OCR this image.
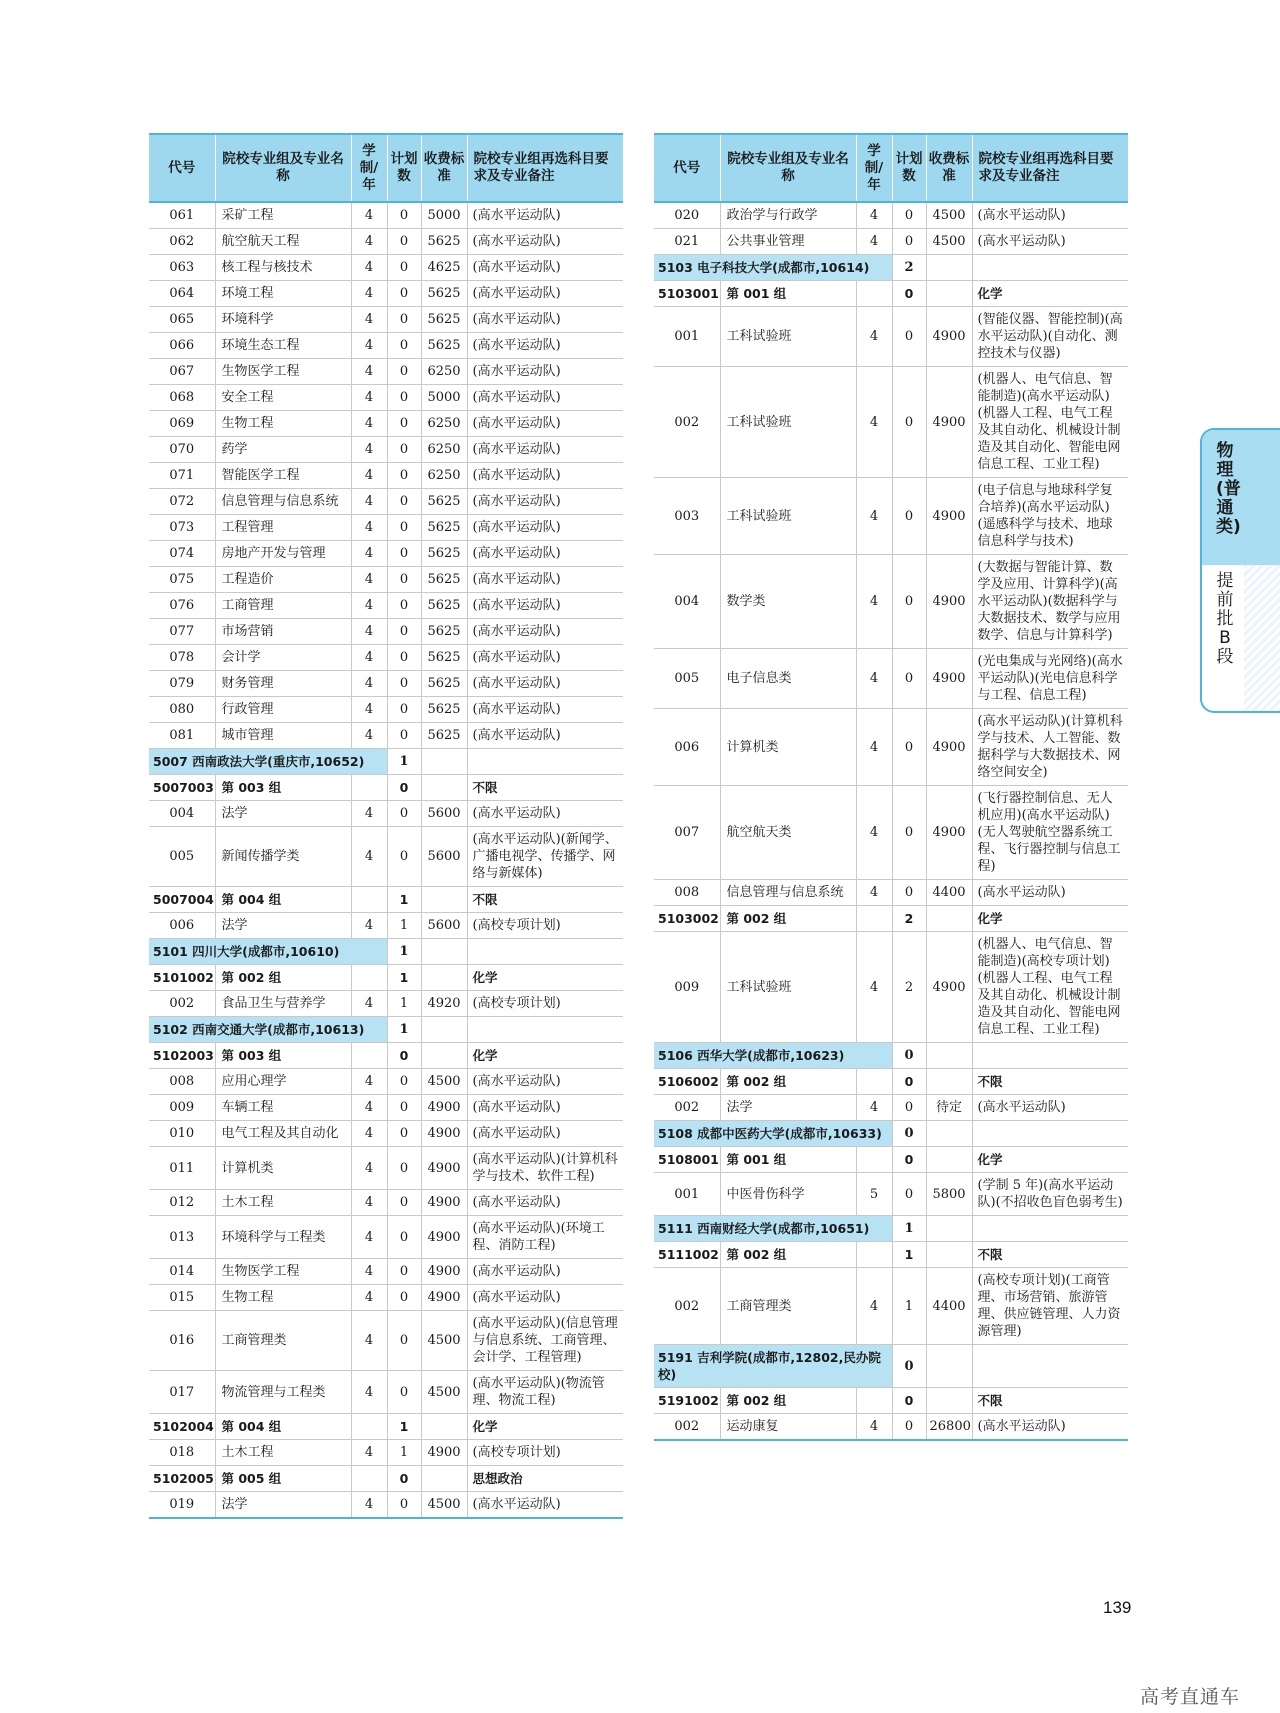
代号	院校专业组及专业名称	学制/年	计划数	收费标准	院校专业组再选科目要求及专业备注
061	采矿工程	4	0	5000	(高水平运动队)
062	航空航天工程	4	0	5625	(高水平运动队)
063	核工程与核技术	4	0	4625	(高水平运动队)
064	环境工程	4	0	5625	(高水平运动队)
065	环境科学	4	0	5625	(高水平运动队)
066	环境生态工程	4	0	5625	(高水平运动队)
067	生物医学工程	4	0	6250	(高水平运动队)
068	安全工程	4	0	5000	(高水平运动队)
069	生物工程	4	0	6250	(高水平运动队)
070	药学	4	0	6250	(高水平运动队)
071	智能医学工程	4	0	6250	(高水平运动队)
072	信息管理与信息系统	4	0	5625	(高水平运动队)
073	工程管理	4	0	5625	(高水平运动队)
074	房地产开发与管理	4	0	5625	(高水平运动队)
075	工程造价	4	0	5625	(高水平运动队)
076	工商管理	4	0	5625	(高水平运动队)
077	市场营销	4	0	5625	(高水平运动队)
078	会计学	4	0	5625	(高水平运动队)
079	财务管理	4	0	5625	(高水平运动队)
080	行政管理	4	0	5625	(高水平运动队)
081	城市管理	4	0	5625	(高水平运动队)
5007 西南政法大学(重庆市,10652)			1		
5007003	第 003 组		0		不限
004	法学	4	0	5600	(高水平运动队)
005	新闻传播学类	4	0	5600	(高水平运动队)(新闻学、广播电视学、传播学、网络与新媒体)
5007004	第 004 组		1		不限
006	法学	4	1	5600	(高校专项计划)
5101 四川大学(成都市,10610)			1		
5101002	第 002 组		1		化学
002	食品卫生与营养学	4	1	4920	(高校专项计划)
5102 西南交通大学(成都市,10613)			1		
5102003	第 003 组		0		化学
008	应用心理学	4	0	4500	(高水平运动队)
009	车辆工程	4	0	4900	(高水平运动队)
010	电气工程及其自动化	4	0	4900	(高水平运动队)
011	计算机类	4	0	4900	(高水平运动队)(计算机科学与技术、软件工程)
012	土木工程	4	0	4900	(高水平运动队)
013	环境科学与工程类	4	0	4900	(高水平运动队)(环境工程、消防工程)
014	生物医学工程	4	0	4900	(高水平运动队)
015	生物工程	4	0	4900	(高水平运动队)
016	工商管理类	4	0	4500	(高水平运动队)(信息管理与信息系统、工商管理、会计学、工程管理)
017	物流管理与工程类	4	0	4500	(高水平运动队)(物流管理、物流工程)
5102004	第 004 组		1		化学
018	土木工程	4	1	4900	(高校专项计划)
5102005	第 005 组		0		思想政治
019	法学	4	0	4500	(高水平运动队)
代号	院校专业组及专业名称	学制/年	计划数	收费标准	院校专业组再选科目要求及专业备注
020	政治学与行政学	4	0	4500	(高水平运动队)
021	公共事业管理	4	0	4500	(高水平运动队)
5103 电子科技大学(成都市,10614)			2		
5103001	第 001 组		0		化学
001	工科试验班	4	0	4900	(智能仪器、智能控制)(高水平运动队)(自动化、测控技术与仪器)
002	工科试验班	4	0	4900	(机器人、电气信息、智能制造)(高水平运动队)(机器人工程、电气工程及其自动化、机械设计制造及其自动化、智能电网信息工程、工业工程)
003	工科试验班	4	0	4900	(电子信息与地球科学复合培养)(高水平运动队)(遥感科学与技术、地球信息科学与技术)
004	数学类	4	0	4900	(大数据与智能计算、数学及应用、计算科学)(高水平运动队)(数据科学与大数据技术、数学与应用数学、信息与计算科学)
005	电子信息类	4	0	4900	(光电集成与光网络)(高水平运动队)(光电信息科学与工程、信息工程)
006	计算机类	4	0	4900	(高水平运动队)(计算机科学与技术、人工智能、数据科学与大数据技术、网络空间安全)
007	航空航天类	4	0	4900	(飞行器控制信息、无人机应用)(高水平运动队)(无人驾驶航空器系统工程、飞行器控制与信息工程)
008	信息管理与信息系统	4	0	4400	(高水平运动队)
5103002	第 002 组		2		化学
009	工科试验班	4	2	4900	(机器人、电气信息、智能制造)(高校专项计划)(机器人工程、电气工程及其自动化、机械设计制造及其自动化、智能电网信息工程、工业工程)
5106 西华大学(成都市,10623)			0		
5106002	第 002 组		0		不限
002	法学	4	0	待定	(高水平运动队)
5108 成都中医药大学(成都市,10633)			0		
5108001	第 001 组		0		化学
001	中医骨伤科学	5	0	5800	(学制 5 年)(高水平运动队)(不招收色盲色弱考生)
5111 西南财经大学(成都市,10651)			1		
5111002	第 002 组		1		不限
002	工商管理类	4	1	4400	(高校专项计划)(工商管理、市场营销、旅游管理、供应链管理、人力资源管理)
5191 吉利学院(成都市,12802,民办院校)			0		
5191002	第 002 组		0		不限
002	运动康复	4	0	26800	(高水平运动队)
物理(普通类)
提前批B段
139
高考直通车
